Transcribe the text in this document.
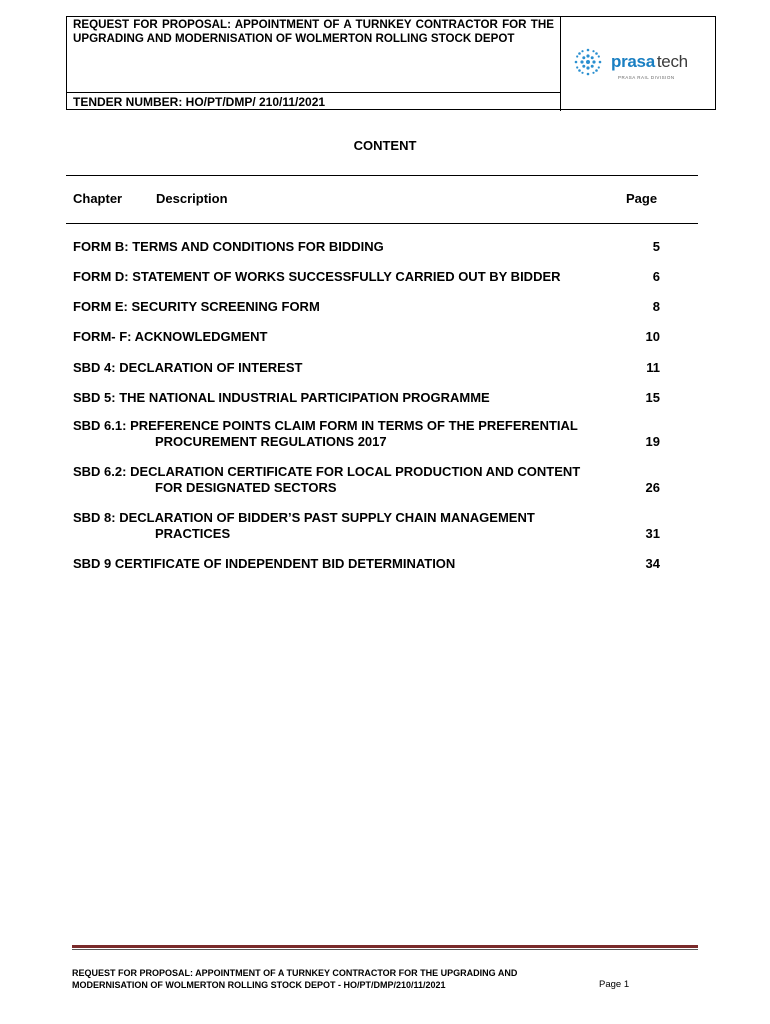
REQUEST FOR PROPOSAL: APPOINTMENT OF A TURNKEY CONTRACTOR FOR THE UPGRADING AND MODERNISATION OF WOLMERTON ROLLING STOCK DEPOT
TENDER NUMBER: HO/PT/DMP/ 210/11/2021
prasa tech
PRASA RAIL DIVISION
CONTENT
Chapter	Description	Page
FORM B: TERMS AND CONDITIONS FOR BIDDING	5
FORM D: STATEMENT OF WORKS SUCCESSFULLY CARRIED OUT BY BIDDER	6
FORM E: SECURITY SCREENING FORM	8
FORM- F: ACKNOWLEDGMENT	10
SBD 4: DECLARATION OF INTEREST	11
SBD 5: THE NATIONAL INDUSTRIAL PARTICIPATION PROGRAMME	15
SBD 6.1: PREFERENCE POINTS CLAIM FORM IN TERMS OF THE PREFERENTIAL
PROCUREMENT REGULATIONS 2017	19
SBD 6.2: DECLARATION CERTIFICATE FOR LOCAL PRODUCTION AND CONTENT
FOR DESIGNATED SECTORS	26
SBD 8: DECLARATION OF BIDDER’S PAST SUPPLY CHAIN MANAGEMENT
PRACTICES	31
SBD 9 CERTIFICATE OF INDEPENDENT BID DETERMINATION	34
REQUEST FOR PROPOSAL: APPOINTMENT OF A TURNKEY CONTRACTOR FOR THE UPGRADING AND
MODERNISATION OF WOLMERTON ROLLING STOCK DEPOT - HO/PT/DMP/210/11/2021	Page 1
